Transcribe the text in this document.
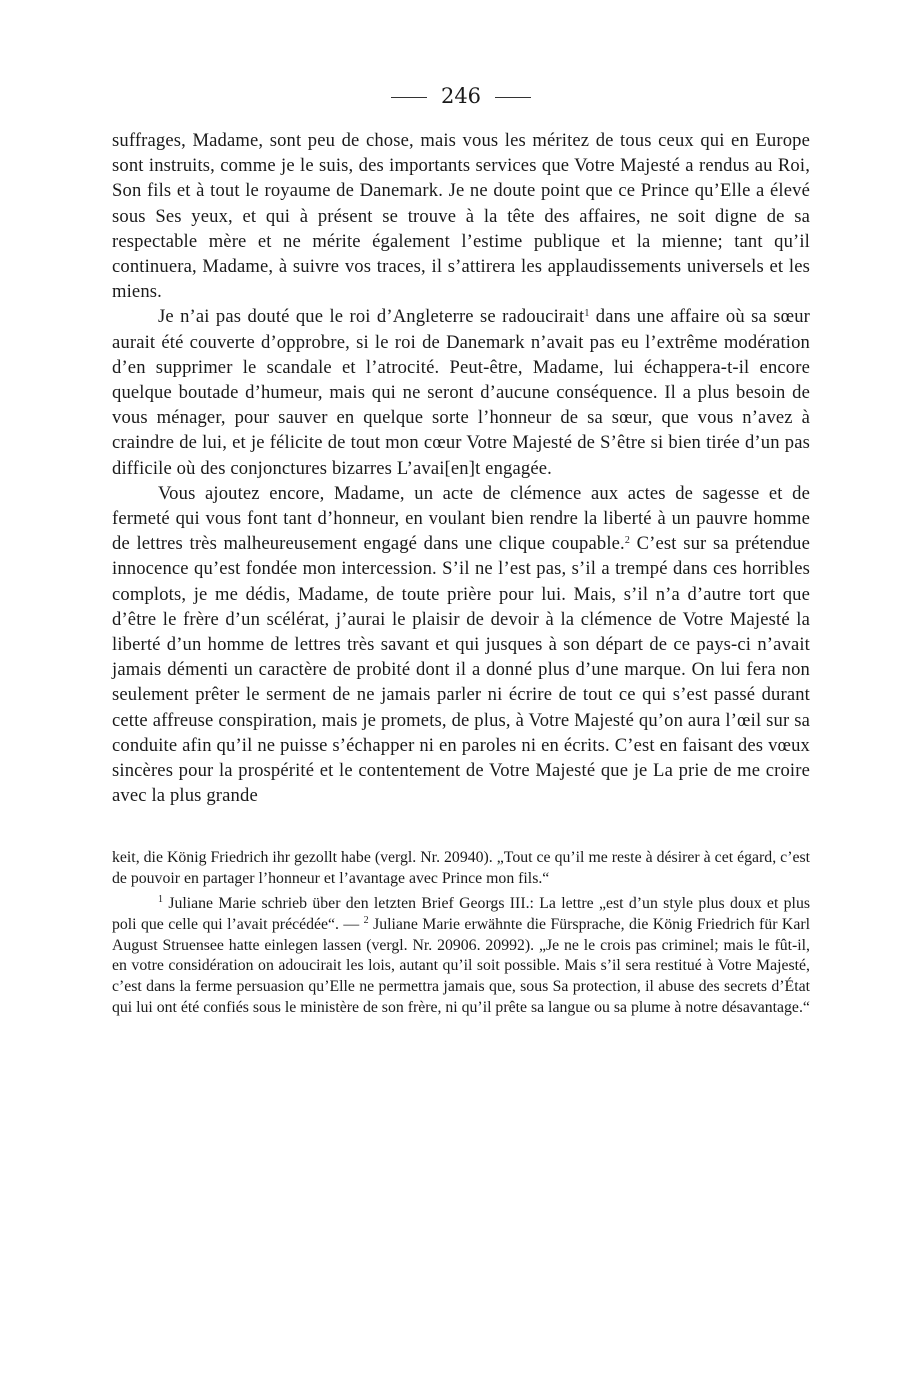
246

suffrages, Madame, sont peu de chose, mais vous les méritez de tous ceux qui en Europe sont instruits, comme je le suis, des importants services que Votre Majesté a rendus au Roi, Son fils et à tout le royaume de Danemark. Je ne doute point que ce Prince qu’Elle a élevé sous Ses yeux, et qui à présent se trouve à la tête des affaires, ne soit digne de sa respectable mère et ne mérite également l’estime publique et la mienne; tant qu’il continuera, Madame, à suivre vos traces, il s’attirera les applaudissements universels et les miens.

Je n’ai pas douté que le roi d’Angleterre se radoucirait$^1$ dans une affaire où sa sœur aurait été couverte d’opprobre, si le roi de Danemark n’avait pas eu l’extrême modération d’en supprimer le scandale et l’atrocité. Peut-être, Madame, lui échappera-t-il encore quelque boutade d’humeur, mais qui ne seront d’aucune conséquence. Il a plus besoin de vous ménager, pour sauver en quelque sorte l’honneur de sa sœur, que vous n’avez à craindre de lui, et je félicite de tout mon cœur Votre Majesté de S’être si bien tirée d’un pas difficile où des conjonctures bizarres L’avai[en]t engagée.

Vous ajoutez encore, Madame, un acte de clémence aux actes de sagesse et de fermeté qui vous font tant d’honneur, en voulant bien rendre la liberté à un pauvre homme de lettres très malheureusement engagé dans une clique coupable.$^2$ C’est sur sa prétendue innocence qu’est fondée mon intercession. S’il ne l’est pas, s’il a trempé dans ces horribles complots, je me dédis, Madame, de toute prière pour lui. Mais, s’il n’a d’autre tort que d’être le frère d’un scélérat, j’aurai le plaisir de devoir à la clémence de Votre Majesté la liberté d’un homme de lettres très savant et qui jusques à son départ de ce pays-ci n’avait jamais démenti un caractère de probité dont il a donné plus d’une marque. On lui fera non seulement prêter le serment de ne jamais parler ni écrire de tout ce qui s’est passé durant cette affreuse conspiration, mais je promets, de plus, à Votre Majesté qu’on aura l’œil sur sa conduite afin qu’il ne puisse s’échapper ni en paroles ni en écrits. C’est en faisant des vœux sincères pour la prospérité et le contentement de Votre Majesté que je La prie de me croire avec la plus grande

keit, die König Friedrich ihr gezollt habe (vergl. Nr. 20940). „Tout ce qu’il me reste à désirer à cet égard, c’est de pouvoir en partager l’honneur et l’avantage avec Prince mon fils.“

$^1$ Juliane Marie schrieb über den letzten Brief Georgs III.: La lettre „est d’un style plus doux et plus poli que celle qui l’avait précédée“. — $^2$ Juliane Marie erwähnte die Fürsprache, die König Friedrich für Karl August Struensee hatte einlegen lassen (vergl. Nr. 20906. 20992). „Je ne le crois pas criminel; mais le fût-il, en votre considération on adoucirait les lois, autant qu’il soit possible. Mais s’il sera restitué à Votre Majesté, c’est dans la ferme persuasion qu’Elle ne permettra jamais que, sous Sa protection, il abuse des secrets d’État qui lui ont été confiés sous le ministère de son frère, ni qu’il prête sa langue ou sa plume à notre désavantage.“
